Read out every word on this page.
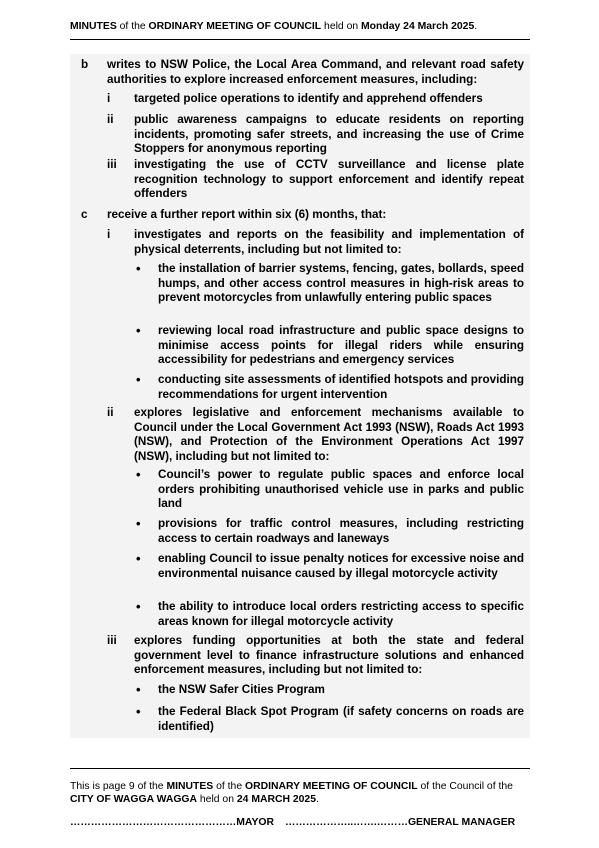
MINUTES of the ORDINARY MEETING OF COUNCIL held on Monday 24 March 2025.
b writes to NSW Police, the Local Area Command, and relevant road safety authorities to explore increased enforcement measures, including:
i targeted police operations to identify and apprehend offenders
ii public awareness campaigns to educate residents on reporting incidents, promoting safer streets, and increasing the use of Crime Stoppers for anonymous reporting
iii investigating the use of CCTV surveillance and license plate recognition technology to support enforcement and identify repeat offenders
c receive a further report within six (6) months, that:
i investigates and reports on the feasibility and implementation of physical deterrents, including but not limited to:
• the installation of barrier systems, fencing, gates, bollards, speed humps, and other access control measures in high-risk areas to prevent motorcycles from unlawfully entering public spaces
• reviewing local road infrastructure and public space designs to minimise access points for illegal riders while ensuring accessibility for pedestrians and emergency services
• conducting site assessments of identified hotspots and providing recommendations for urgent intervention
ii explores legislative and enforcement mechanisms available to Council under the Local Government Act 1993 (NSW), Roads Act 1993 (NSW), and Protection of the Environment Operations Act 1997 (NSW), including but not limited to:
• Council’s power to regulate public spaces and enforce local orders prohibiting unauthorised vehicle use in parks and public land
• provisions for traffic control measures, including restricting access to certain roadways and laneways
• enabling Council to issue penalty notices for excessive noise and environmental nuisance caused by illegal motorcycle activity
• the ability to introduce local orders restricting access to specific areas known for illegal motorcycle activity
iii explores funding opportunities at both the state and federal government level to finance infrastructure solutions and enhanced enforcement measures, including but not limited to:
• the NSW Safer Cities Program
• the Federal Black Spot Program (if safety concerns on roads are identified)
This is page 9 of the MINUTES of the ORDINARY MEETING OF COUNCIL of the Council of the CITY OF WAGGA WAGGA held on 24 MARCH 2025.
…………………………………………MAYOR ………………..…….………GENERAL MANAGER
